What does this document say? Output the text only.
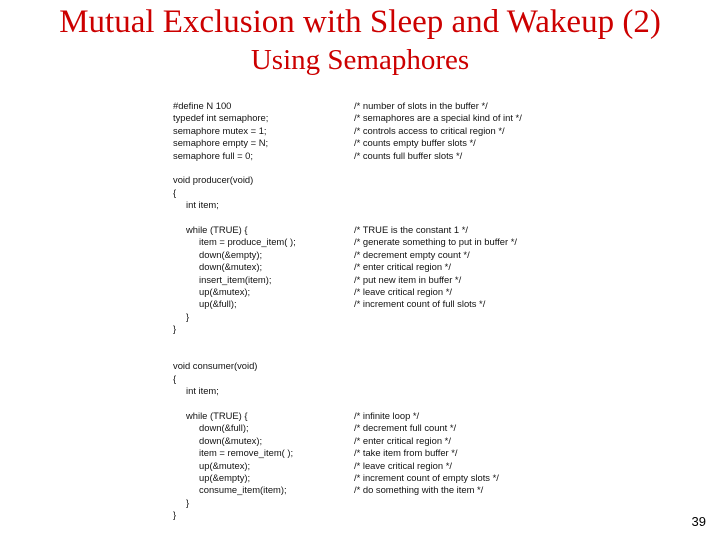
Mutual Exclusion with Sleep and Wakeup (2)
Using Semaphores
#define N 100	/* number of slots in the buffer */
typedef int semaphore;	/* semaphores are a special kind of int */
semaphore mutex = 1;	/* controls access to critical region */
semaphore empty = N;	/* counts empty buffer slots */
semaphore full = 0;	/* counts full buffer slots */
void producer(void)
{
int item;
while (TRUE) {	/* TRUE is the constant 1 */
item = produce_item( );	/* generate something to put in buffer */
down(&empty);	/* decrement empty count */
down(&mutex);	/* enter critical region */
insert_item(item);	/* put new item in buffer */
up(&mutex);	/* leave critical region */
up(&full);	/* increment count of full slots */
}
}
void consumer(void)
{
int item;
while (TRUE) {	/* infinite loop */
down(&full);	/* decrement full count */
down(&mutex);	/* enter critical region */
item = remove_item( );	/* take item from buffer */
up(&mutex);	/* leave critical region */
up(&empty);	/* increment count of empty slots */
consume_item(item);	/* do something with the item */
}
}	39
